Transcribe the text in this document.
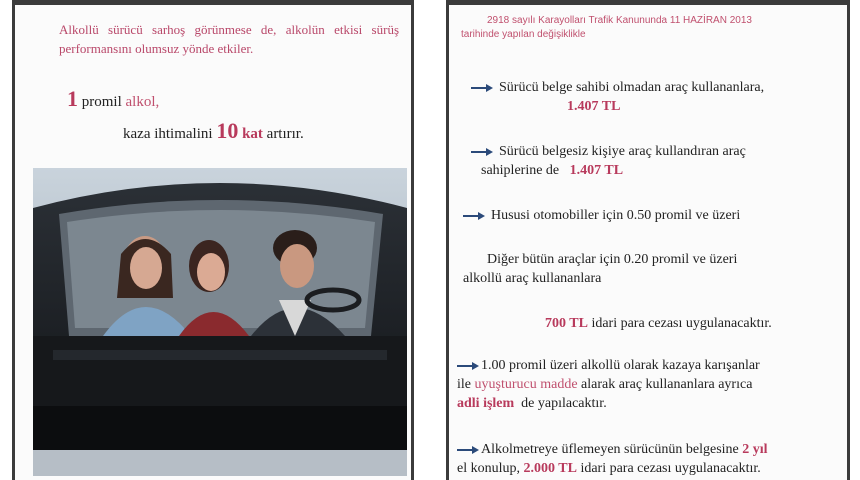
Alkollü sürücü sarhoş görünmese de, alkolün etkisi sürüş performansını olumsuz yönde etkiler.
1 promil alkol,
kaza ihtimalini 10 kat artırır.
2918 sayılı Karayolları Trafik Kanununda 11 HAZİRAN 2013
tarihinde yapılan değişiklikle
Sürücü belge sahibi olmadan araç kullananlara,
1.407 TL
Sürücü belgesiz kişiye araç kullandıran araç
sahiplerine de 1.407 TL
Hususi otomobiller için 0.50 promil ve üzeri
Diğer bütün araçlar için 0.20 promil ve üzeri
alkollü araç kullananlara
700 TL idari para cezası uygulanacaktır.
1.00 promil üzeri alkollü olarak kazaya karışanlar
ile uyuşturucu madde alarak araç kullananlara ayrıca
adli işlem de yapılacaktır.
Alkolmetreye üflemeyen sürücünün belgesine 2 yıl
el konulup, 2.000 TL idari para cezası uygulanacaktır.
